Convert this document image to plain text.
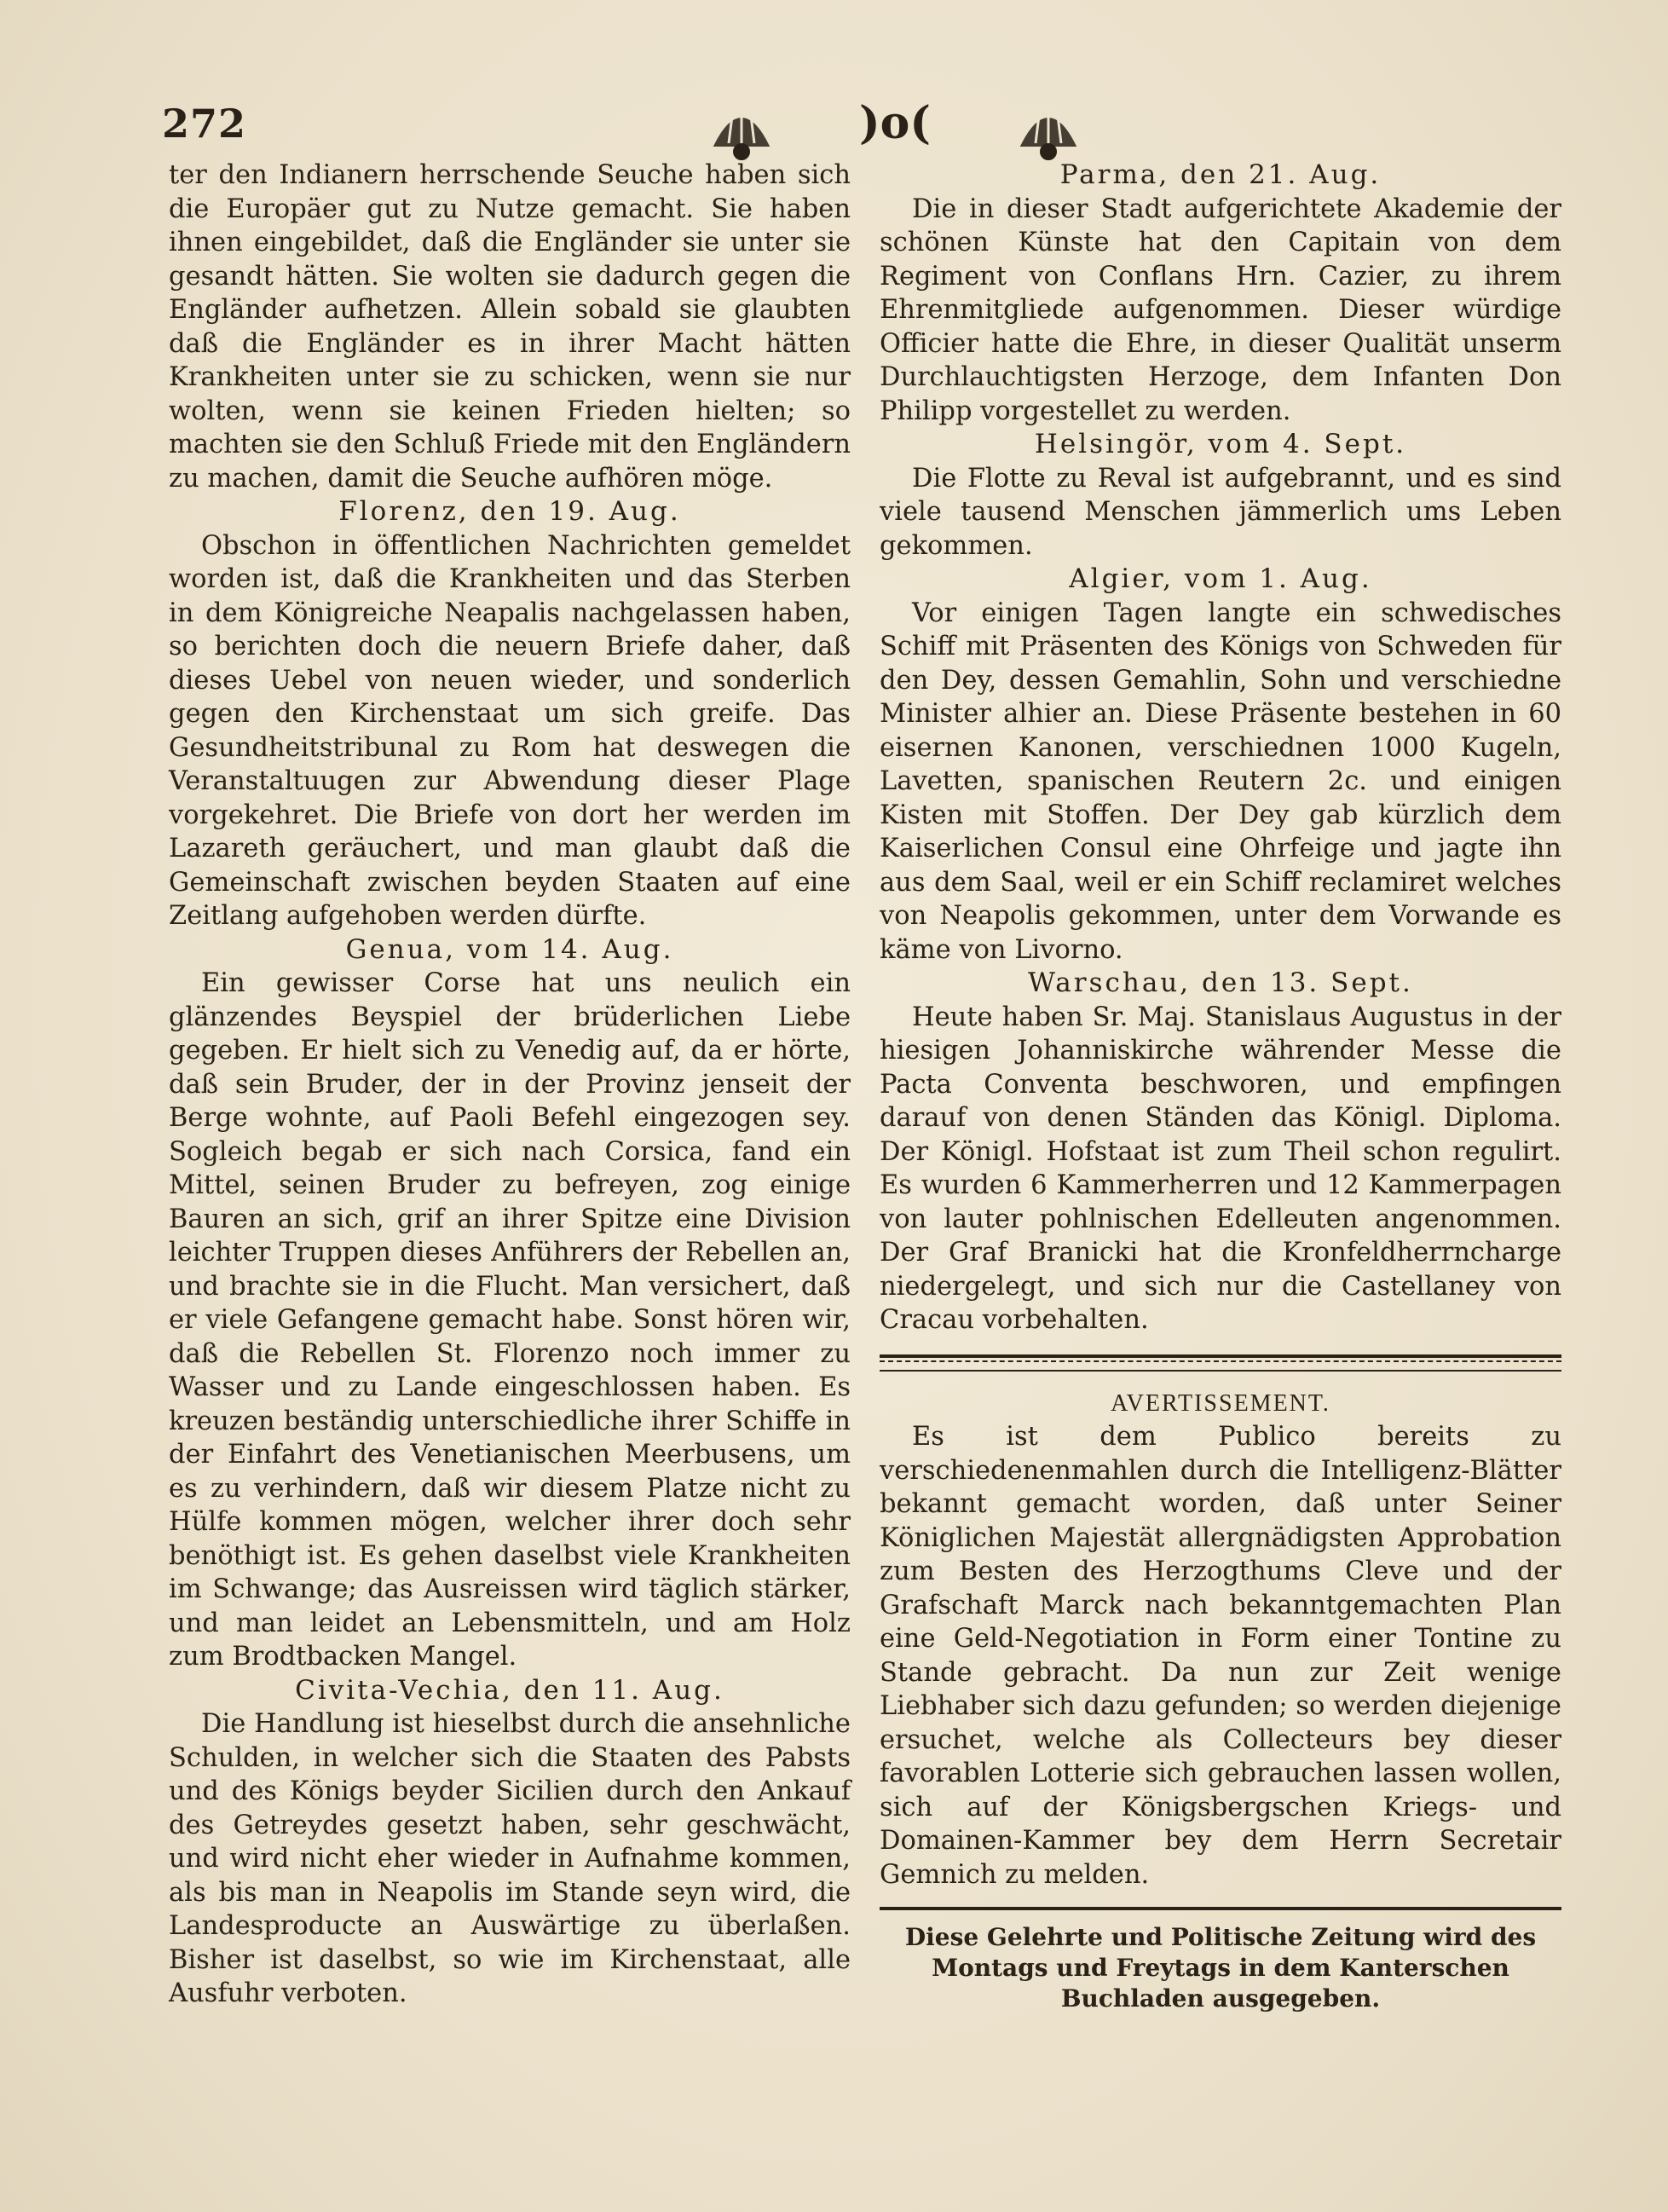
272	)o(

ter den Indianern herrschende Seuche haben sich die Europäer gut zu Nutze gemacht. Sie haben ihnen eingebildet, daß die Engländer sie unter sie gesandt hätten. Sie wolten sie dadurch gegen die Engländer aufhetzen. Allein sobald sie glaubten daß die Engländer es in ihrer Macht hätten Krankheiten unter sie zu schicken, wenn sie nur wolten, wenn sie keinen Frieden hielten; so machten sie den Schluß Friede mit den Engländern zu machen, damit die Seuche aufhören möge.

Florenz, den 19. Aug.

Obschon in öffentlichen Nachrichten gemeldet worden ist, daß die Krankheiten und das Sterben in dem Königreiche Neapalis nachgelassen haben, so berichten doch die neuern Briefe daher, daß dieses Uebel von neuen wieder, und sonderlich gegen den Kirchenstaat um sich greife. Das Gesundheitstribunal zu Rom hat deswegen die Veranstaltuugen zur Abwendung dieser Plage vorgekehret. Die Briefe von dort her werden im Lazareth geräuchert, und man glaubt daß die Gemeinschaft zwischen beyden Staaten auf eine Zeitlang aufgehoben werden dürfte.

Genua, vom 14. Aug.

Ein gewisser Corse hat uns neulich ein glänzendes Beyspiel der brüderlichen Liebe gegeben. Er hielt sich zu Venedig auf, da er hörte, daß sein Bruder, der in der Provinz jenseit der Berge wohnte, auf Paoli Befehl eingezogen sey. Sogleich begab er sich nach Corsica, fand ein Mittel, seinen Bruder zu befreyen, zog einige Bauren an sich, grif an ihrer Spitze eine Division leichter Truppen dieses Anführers der Rebellen an, und brachte sie in die Flucht. Man versichert, daß er viele Gefangene gemacht habe. Sonst hören wir, daß die Rebellen St. Florenzo noch immer zu Wasser und zu Lande eingeschlossen haben. Es kreuzen beständig unterschiedliche ihrer Schiffe in der Einfahrt des Venetianischen Meerbusens, um es zu verhindern, daß wir diesem Platze nicht zu Hülfe kommen mögen, welcher ihrer doch sehr benöthigt ist. Es gehen daselbst viele Krankheiten im Schwange; das Ausreissen wird täglich stärker, und man leidet an Lebensmitteln, und am Holz zum Brodtbacken Mangel.

Civita-Vechia, den 11. Aug.

Die Handlung ist hieselbst durch die ansehnliche Schulden, in welcher sich die Staaten des Pabsts und des Königs beyder Sicilien durch den Ankauf des Getreydes gesetzt haben, sehr geschwächt, und wird nicht eher wieder in Aufnahme kommen, als bis man in Neapolis im Stande seyn wird, die Landesproducte an Auswärtige zu überlaßen. Bisher ist daselbst, so wie im Kirchenstaat, alle Ausfuhr verboten.

Parma, den 21. Aug.

Die in dieser Stadt aufgerichtete Akademie der schönen Künste hat den Capitain von dem Regiment von Conflans Hrn. Cazier, zu ihrem Ehrenmitgliede aufgenommen. Dieser würdige Officier hatte die Ehre, in dieser Qualität unserm Durchlauchtigsten Herzoge, dem Infanten Don Philipp vorgestellet zu werden.

Helsingör, vom 4. Sept.

Die Flotte zu Reval ist aufgebrannt, und es sind viele tausend Menschen jämmerlich ums Leben gekommen.

Algier, vom 1. Aug.

Vor einigen Tagen langte ein schwedisches Schiff mit Präsenten des Königs von Schweden für den Dey, dessen Gemahlin, Sohn und verschiedne Minister alhier an. Diese Präsente bestehen in 60 eisernen Kanonen, verschiednen 1000 Kugeln, Lavetten, spanischen Reutern 2c. und einigen Kisten mit Stoffen. Der Dey gab kürzlich dem Kaiserlichen Consul eine Ohrfeige und jagte ihn aus dem Saal, weil er ein Schiff reclamiret welches von Neapolis gekommen, unter dem Vorwande es käme von Livorno.

Warschau, den 13. Sept.

Heute haben Sr. Maj. Stanislaus Augustus in der hiesigen Johanniskirche währender Messe die Pacta Conventa beschworen, und empfingen darauf von denen Ständen das Königl. Diploma. Der Königl. Hofstaat ist zum Theil schon regulirt. Es wurden 6 Kammerherren und 12 Kammerpagen von lauter pohlnischen Edelleuten angenommen. Der Graf Branicki hat die Kronfeldherrncharge niedergelegt, und sich nur die Castellaney von Cracau vorbehalten.

AVERTISSEMENT.

Es ist dem Publico bereits zu verschiedenenmahlen durch die Intelligenz-Blätter bekannt gemacht worden, daß unter Seiner Königlichen Majestät allergnädigsten Approbation zum Besten des Herzogthums Cleve und der Grafschaft Marck nach bekanntgemachten Plan eine Geld-Negotiation in Form einer Tontine zu Stande gebracht. Da nun zur Zeit wenige Liebhaber sich dazu gefunden; so werden diejenige ersuchet, welche als Collecteurs bey dieser favorablen Lotterie sich gebrauchen lassen wollen, sich auf der Königsbergschen Kriegs- und Domainen-Kammer bey dem Herrn Secretair Gemnich zu melden.

Diese Gelehrte und Politische Zeitung wird des Montags und Freytags in dem Kanterschen Buchladen ausgegeben.
